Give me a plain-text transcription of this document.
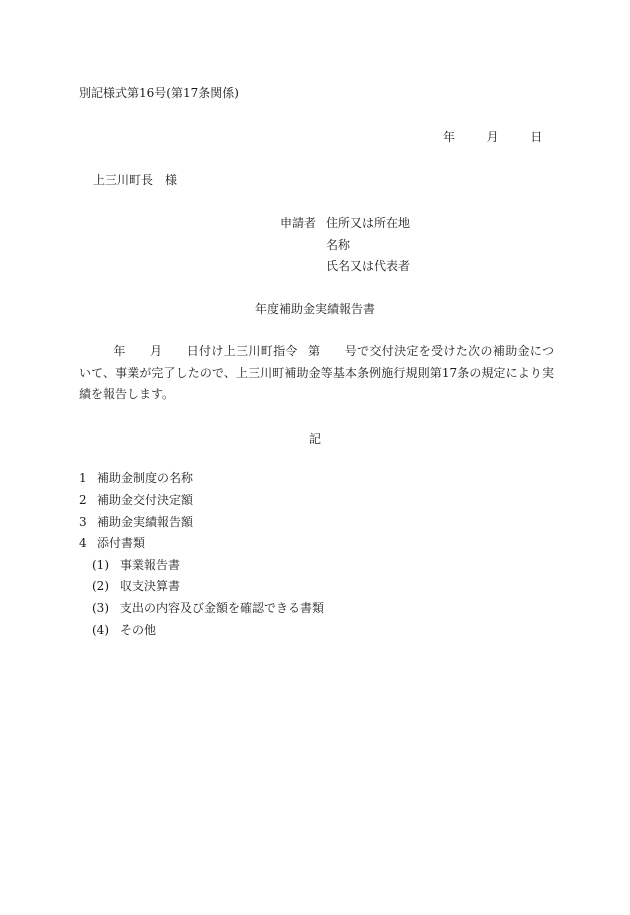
別記様式第16号(第17条関係)
年	月	日
上三川町長　様
申請者 住所又は所在地
名称
氏名又は代表者
年度補助金実績報告書
年 月 日付け上三川町指令 第 号で交付決定を受けた次の補助金について、事業が完了したので、上三川町補助金等基本条例施行規則第17条の規定により実績を報告します。
記
1 補助金制度の名称
2 補助金交付決定額
3 補助金実績報告額
4 添付書類
(1) 事業報告書
(2) 収支決算書
(3) 支出の内容及び金額を確認できる書類
(4) その他
